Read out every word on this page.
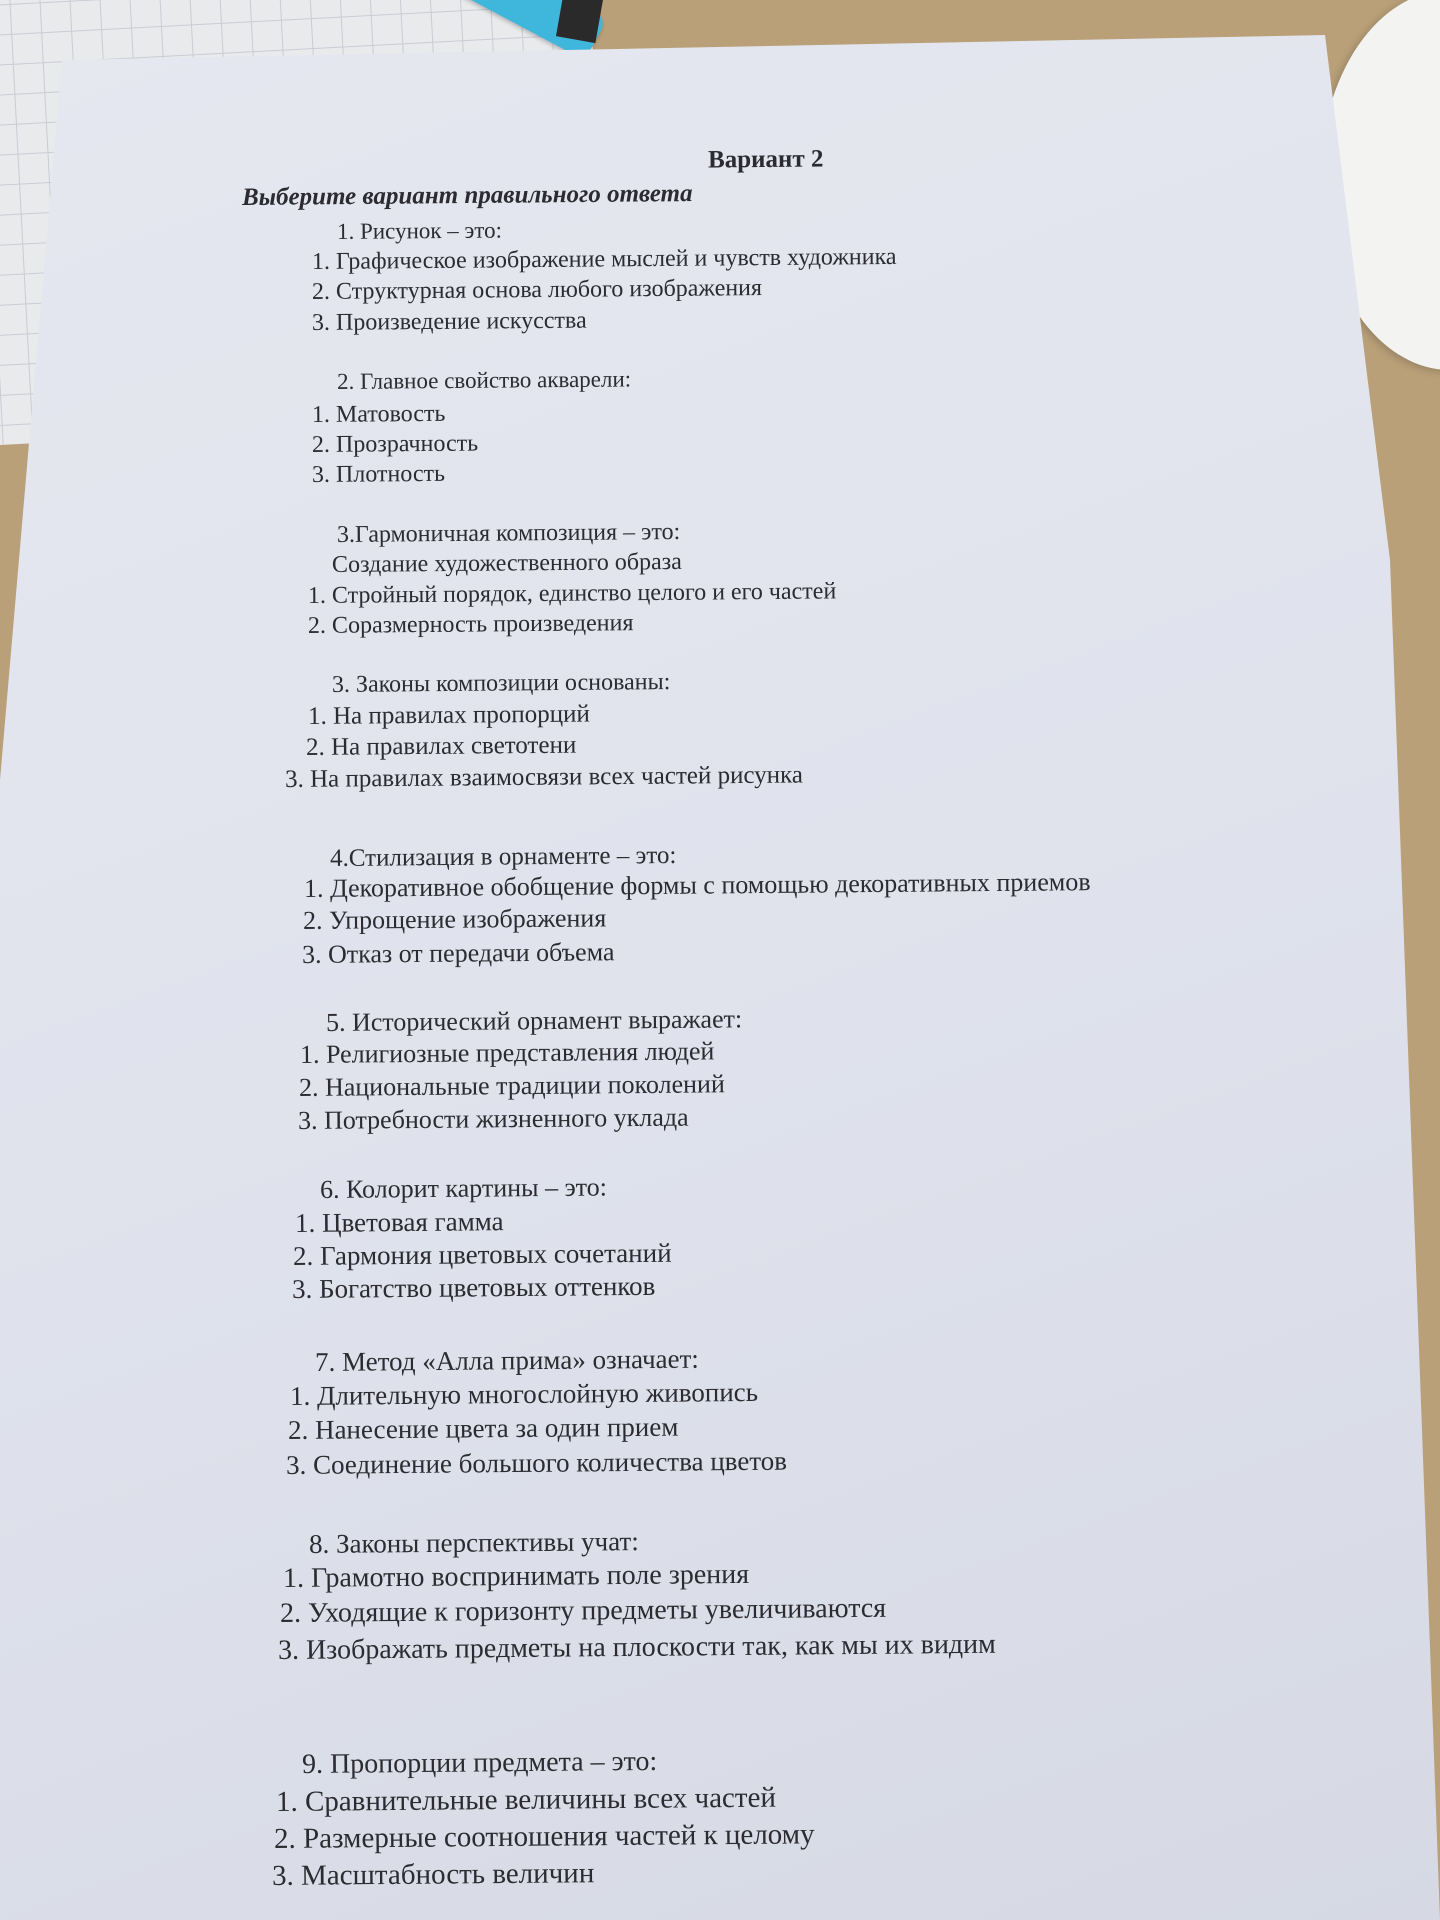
Вариант 2
Выберите вариант правильного ответа
1. Рисунок – это:
1. Графическое изображение мыслей и чувств художника
2. Структурная основа любого изображения
3. Произведение искусства
2. Главное свойство акварели:
1. Матовость
2. Прозрачность
3. Плотность
3.Гармоничная композиция – это:
Создание художественного образа
1. Стройный порядок, единство целого и его частей
2. Соразмерность произведения
3. Законы композиции основаны:
1. На правилах пропорций
2. На правилах светотени
3. На правилах взаимосвязи всех частей рисунка
4.Стилизация в орнаменте – это:
1. Декоративное обобщение формы с помощью декоративных приемов
2. Упрощение изображения
3. Отказ от передачи объема
5. Исторический орнамент выражает:
1. Религиозные представления людей
2. Национальные традиции поколений
3. Потребности жизненного уклада
6. Колорит картины – это:
1. Цветовая гамма
2. Гармония цветовых сочетаний
3. Богатство цветовых оттенков
7. Метод «Алла прима» означает:
1. Длительную многослойную живопись
2. Нанесение цвета за один прием
3. Соединение большого количества цветов
8. Законы перспективы учат:
1. Грамотно воспринимать поле зрения
2. Уходящие к горизонту предметы увеличиваются
3. Изображать предметы на плоскости так, как мы их видим
9. Пропорции предмета – это:
1. Сравнительные величины всех частей
2. Размерные соотношения частей к целому
3. Масштабность величин
